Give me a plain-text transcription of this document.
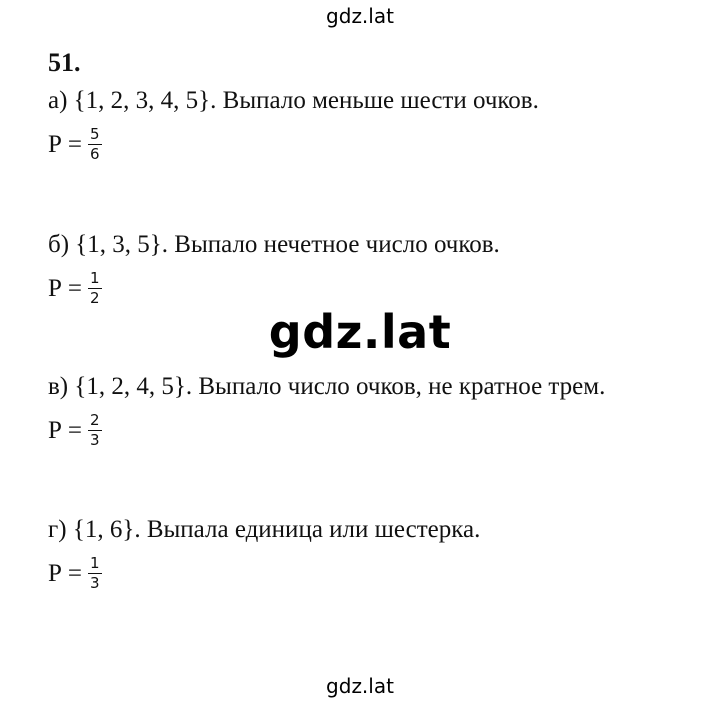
gdz.lat
51.
а) {1, 2, 3, 4, 5}. Выпало меньше шести очков.
$P = \frac{5}{6}$
б) {1, 3, 5}. Выпало нечетное число очков.
$P = \frac{1}{2}$
gdz.lat
в) {1, 2, 4, 5}. Выпало число очков, не кратное трем.
$P = \frac{2}{3}$
г) {1, 6}. Выпала единица или шестерка.
$P = \frac{1}{3}$
gdz.lat
